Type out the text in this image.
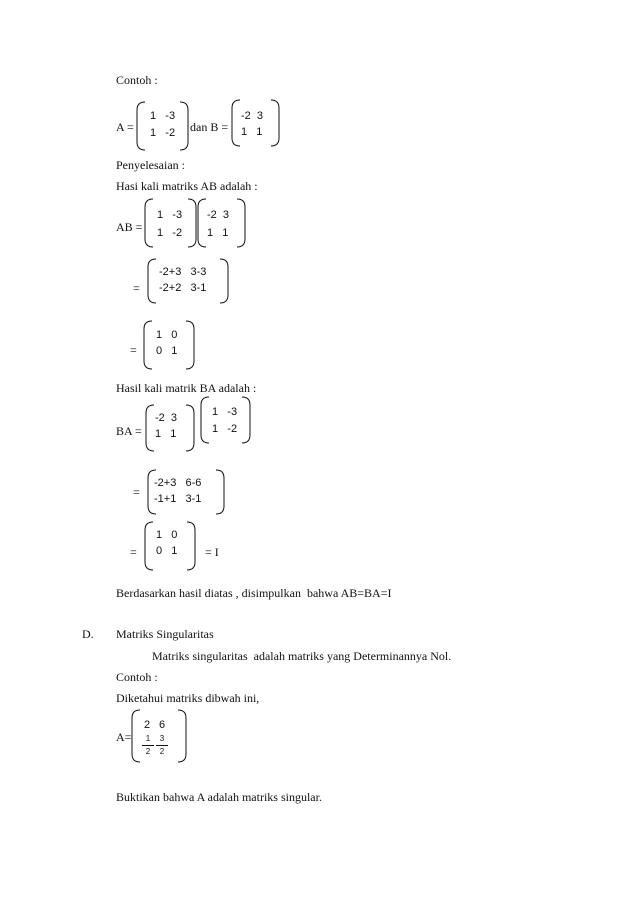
Contoh :
A =
1   -3
1   -2 dan B =
-2  3
1   1
Penyelesaian :
Hasi kali matriks AB adalah :
AB =
1   -3
1   -2
-2  3
1   1
=
-2+3   3-3
-2+2   3-1
=
1   0
0   1
Hasil kali matrik BA adalah :
BA =
-2  3
1   1
1   -3
1   -2
=
-2+3   6-6
-1+1   3-1
=
1   0
0   1 = I
Berdasarkan hasil diatas , disimpulkan  bahwa AB=BA=I
D. Matriks Singularitas
Matriks singularitas  adalah matriks yang Determinannya Nol.
Contoh :
Diketahui matriks dibwah ini,
A=
2 6
1
2
3
2
Buktikan bahwa A adalah matriks singular.
